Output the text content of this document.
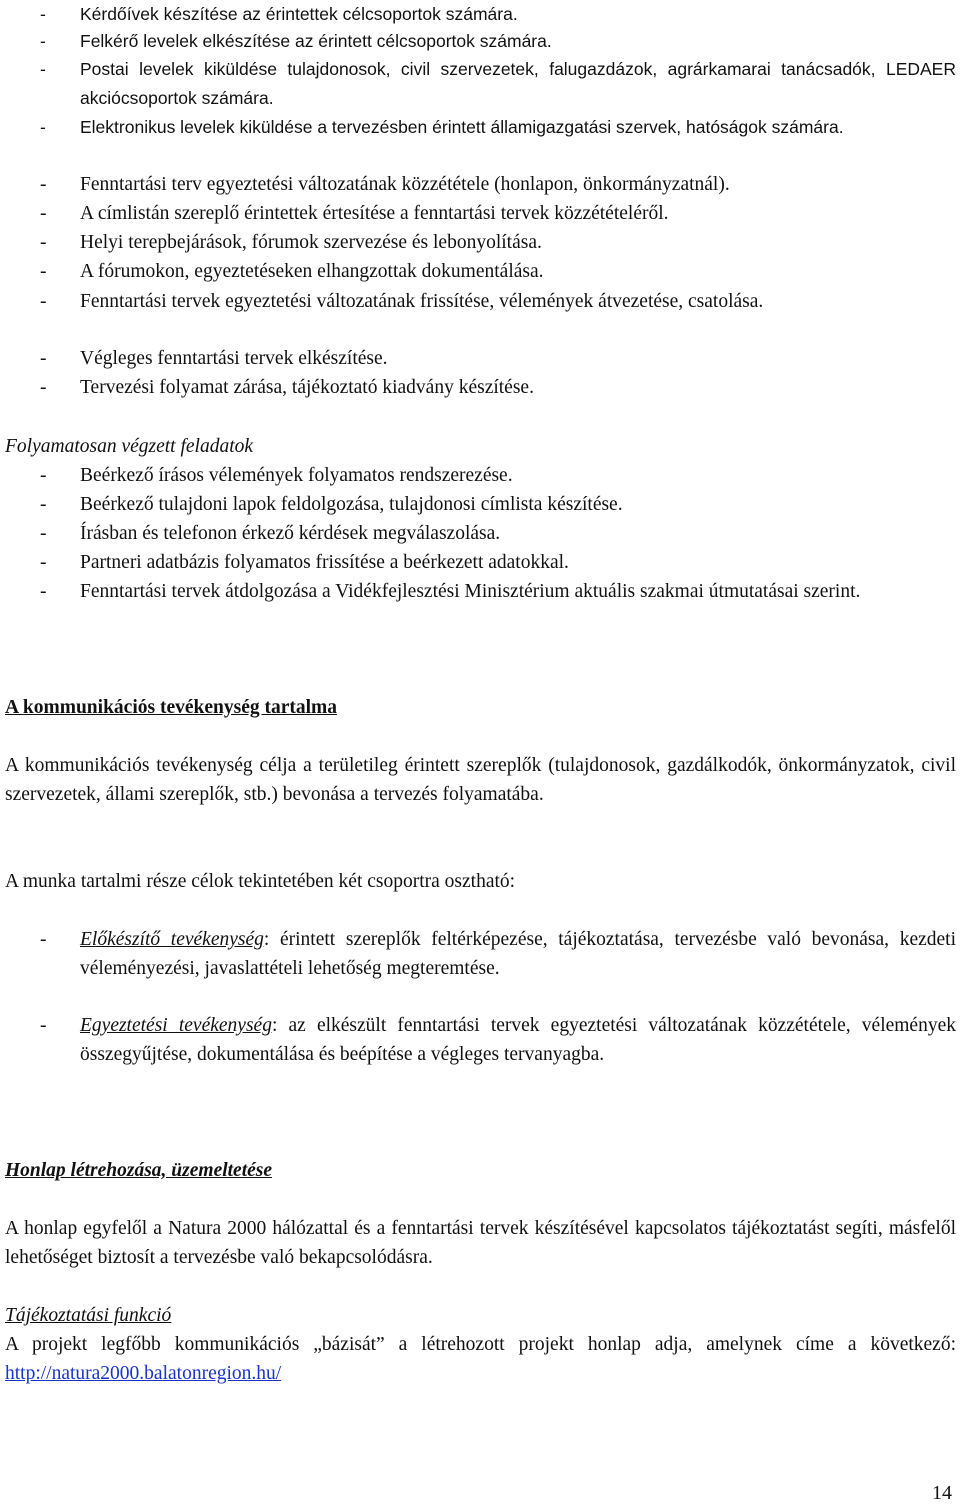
- Kérdőívek készítése az érintettek célcsoportok számára.
- Felkérő levelek elkészítése az érintett célcsoportok számára.
- Postai levelek kiküldése tulajdonosok, civil szervezetek, falugazdázok, agrárkamarai tanácsadók, LEDAER akciócsoportok számára.
- Elektronikus levelek kiküldése a tervezésben érintett államigazgatási szervek, hatóságok számára.
- Fenntartási terv egyeztetési változatának közzététele (honlapon, önkormányzatnál).
- A címlistán szereplő érintettek értesítése a fenntartási tervek közzétételéről.
- Helyi terepbejárások, fórumok szervezése és lebonyolítása.
- A fórumokon, egyeztetéseken elhangzottak dokumentálása.
- Fenntartási tervek egyeztetési változatának frissítése, vélemények átvezetése, csatolása.
- Végleges fenntartási tervek elkészítése.
- Tervezési folyamat zárása, tájékoztató kiadvány készítése.
Folyamatosan végzett feladatok
- Beérkező írásos vélemények folyamatos rendszerezése.
- Beérkező tulajdoni lapok feldolgozása, tulajdonosi címlista készítése.
- Írásban és telefonon érkező kérdések megválaszolása.
- Partneri adatbázis folyamatos frissítése a beérkezett adatokkal.
- Fenntartási tervek átdolgozása a Vidékfejlesztési Minisztérium aktuális szakmai útmutatásai szerint.
A kommunikációs tevékenység tartalma
A kommunikációs tevékenység célja a területileg érintett szereplők (tulajdonosok, gazdálkodók, önkormányzatok, civil szervezetek, állami szereplők, stb.) bevonása a tervezés folyamatába.
A munka tartalmi része célok tekintetében két csoportra osztható:
- Előkészítő tevékenység: érintett szereplők feltérképezése, tájékoztatása, tervezésbe való bevonása, kezdeti véleményezési, javaslattételi lehetőség megteremtése.
- Egyeztetési tevékenység: az elkészült fenntartási tervek egyeztetési változatának közzététele, vélemények összegyűjtése, dokumentálása és beépítése a végleges tervanyagba.
Honlap létrehozása, üzemeltetése
A honlap egyfelől a Natura 2000 hálózattal és a fenntartási tervek készítésével kapcsolatos tájékoztatást segíti, másfelől lehetőséget biztosít a tervezésbe való bekapcsolódásra.
Tájékoztatási funkció
A projekt legfőbb kommunikációs „bázisát” a létrehozott projekt honlap adja, amelynek címe a következő: http://natura2000.balatonregion.hu/
14
